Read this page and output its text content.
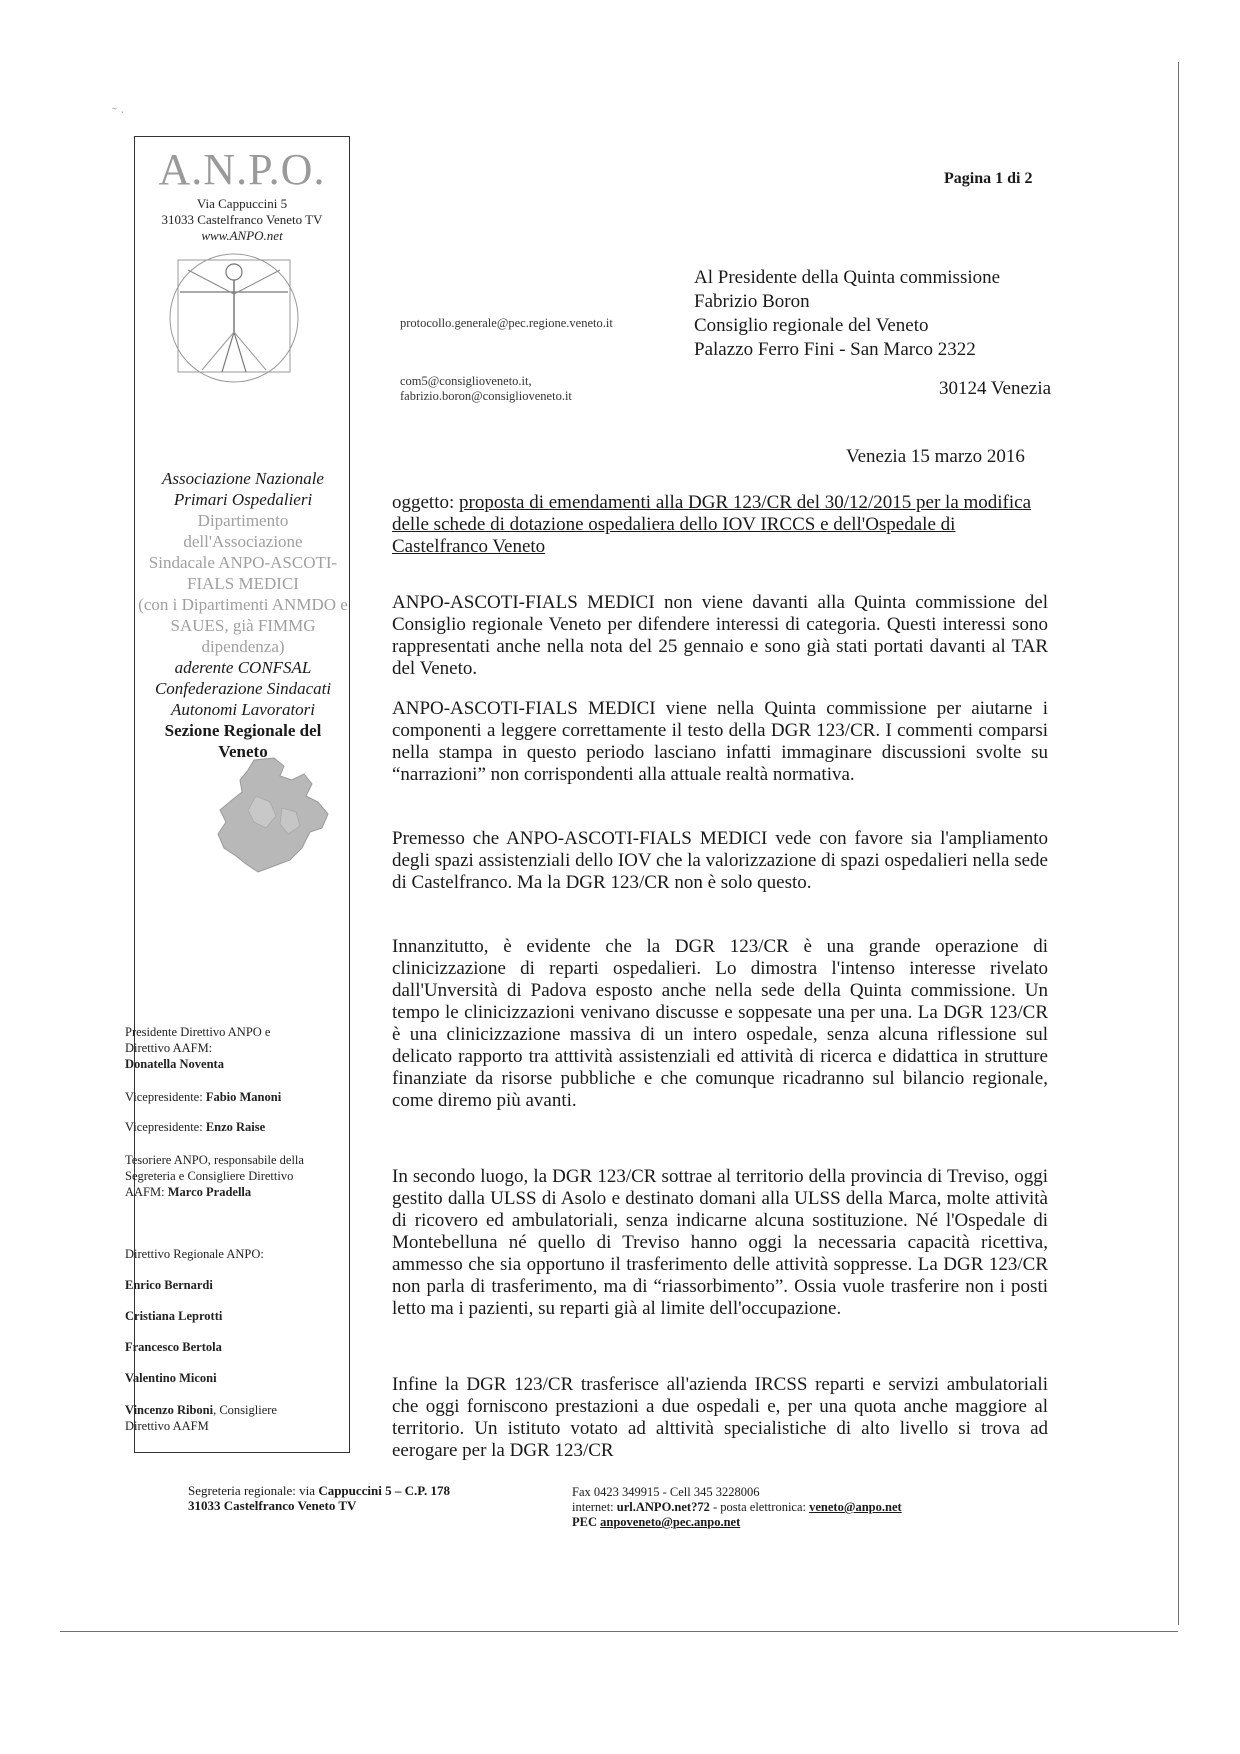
˜ ·
A.N.P.O.
Via Cappuccini 5
31033 Castelfranco Veneto TV
www.ANPO.net
Associazione Nazionale
Primari Ospedalieri
Dipartimento dell'Associazione
Sindacale ANPO-ASCOTI-
FIALS MEDICI
(con i Dipartimenti ANMDO e
SAUES, già FIMMG
dipendenza)
aderente CONFSAL
Confederazione Sindacati
Autonomi Lavoratori
Sezione Regionale del
Veneto
Presidente Direttivo ANPO e
Direttivo AAFM:
Donatella Noventa
Vicepresidente: Fabio Manoni
Vicepresidente: Enzo Raise
Tesoriere ANPO, responsabile della
Segreteria e Consigliere Direttivo
AAFM: Marco Pradella
Direttivo Regionale ANPO:
Enrico Bernardi
Cristiana Leprotti
Francesco Bertola
Valentino Miconi
Vincenzo Riboni, Consigliere
Direttivo AAFM
Pagina 1 di 2
protocollo.generale@pec.regione.veneto.it
com5@consiglioveneto.it,
fabrizio.boron@consiglioveneto.it
Al Presidente della Quinta commissione
Fabrizio Boron
Consiglio regionale del Veneto
Palazzo Ferro Fini - San Marco 2322
30124 Venezia
Venezia 15 marzo 2016
oggetto: proposta di emendamenti alla DGR 123/CR del 30/12/2015 per la modifica delle schede di dotazione ospedaliera dello IOV IRCCS e dell'Ospedale di Castelfranco Veneto
ANPO-ASCOTI-FIALS MEDICI non viene davanti alla Quinta commissione del Consiglio regionale Veneto per difendere interessi di categoria. Questi interessi sono rappresentati anche nella nota del 25 gennaio e sono già stati portati davanti al TAR del Veneto.
ANPO-ASCOTI-FIALS MEDICI viene nella Quinta commissione per aiutarne i componenti a leggere correttamente il testo della DGR 123/CR. I commenti comparsi nella stampa in questo periodo lasciano infatti immaginare discussioni svolte su “narrazioni” non corrispondenti alla attuale realtà normativa.
Premesso che ANPO-ASCOTI-FIALS MEDICI vede con favore sia l'ampliamento degli spazi assistenziali dello IOV che la valorizzazione di spazi ospedalieri nella sede di Castelfranco. Ma la DGR 123/CR non è solo questo.
Innanzitutto, è evidente che la DGR 123/CR è una grande operazione di clinicizzazione di reparti ospedalieri. Lo dimostra l'intenso interesse rivelato dall'Unversità di Padova esposto anche nella sede della Quinta commissione. Un tempo le clinicizzazioni venivano discusse e soppesate una per una. La DGR 123/CR è una clinicizzazione massiva di un intero ospedale, senza alcuna riflessione sul delicato rapporto tra atttività assistenziali ed attività di ricerca e didattica in strutture finanziate da risorse pubbliche e che comunque ricadranno sul bilancio regionale, come diremo più avanti.
In secondo luogo, la DGR 123/CR sottrae al territorio della provincia di Treviso, oggi gestito dalla ULSS di Asolo e destinato domani alla ULSS della Marca, molte attività di ricovero ed ambulatoriali, senza indicarne alcuna sostituzione. Né l'Ospedale di Montebelluna né quello di Treviso hanno oggi la necessaria capacità ricettiva, ammesso che sia opportuno il trasferimento delle attività soppresse. La DGR 123/CR non parla di trasferimento, ma di “riassorbimento”. Ossia vuole trasferire non i posti letto ma i pazienti, su reparti già al limite dell'occupazione.
Infine la DGR 123/CR trasferisce all'azienda IRCSS reparti e servizi ambulatoriali che oggi forniscono prestazioni a due ospedali e, per una quota anche maggiore al territorio. Un istituto votato ad alttività specialistiche di alto livello si trova ad eerogare per la DGR 123/CR
Segreteria regionale: via Cappuccini 5 – C.P. 178
31033 Castelfranco Veneto TV
Fax 0423 349915 - Cell 345 3228006
internet: url.ANPO.net?72 - posta elettronica: veneto@anpo.net
PEC anpoveneto@pec.anpo.net
